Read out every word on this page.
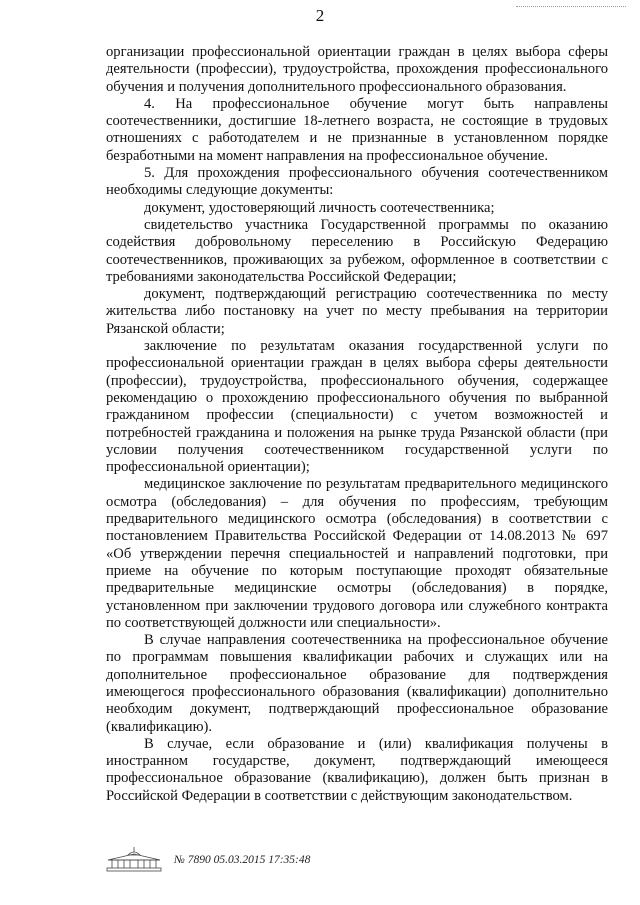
2

организации профессиональной ориентации граждан в целях выбора сферы деятельности (профессии), трудоустройства, прохождения профессионального обучения и получения дополнительного профессионального образования.

4. На профессиональное обучение могут быть направлены соотечественники, достигшие 18-летнего возраста, не состоящие в трудовых отношениях с работодателем и не признанные в установленном порядке безработными на момент направления на профессиональное обучение.

5. Для прохождения профессионального обучения соотечественником необходимы следующие документы:

документ, удостоверяющий личность соотечественника;

свидетельство участника Государственной программы по оказанию содействия добровольному переселению в Российскую Федерацию соотечественников, проживающих за рубежом, оформленное в соответствии с требованиями законодательства Российской Федерации;

документ, подтверждающий регистрацию соотечественника по месту жительства либо постановку на учет по месту пребывания на территории Рязанской области;

заключение по результатам оказания государственной услуги по профессиональной ориентации граждан в целях выбора сферы деятельности (профессии), трудоустройства, профессионального обучения, содержащее рекомендацию о прохождению профессионального обучения по выбранной гражданином профессии (специальности) с учетом возможностей и потребностей гражданина и положения на рынке труда Рязанской области (при условии получения соотечественником государственной услуги по профессиональной ориентации);

медицинское заключение по результатам предварительного медицинского осмотра (обследования) – для обучения по профессиям, требующим предварительного медицинского осмотра (обследования) в соответствии с постановлением Правительства Российской Федерации от 14.08.2013 № 697 «Об утверждении перечня специальностей и направлений подготовки, при приеме на обучение по которым поступающие проходят обязательные предварительные медицинские осмотры (обследования) в порядке, установленном при заключении трудового договора или служебного контракта по соответствующей должности или специальности».

В случае направления соотечественника на профессиональное обучение по программам повышения квалификации рабочих и служащих или на дополнительное профессиональное образование для подтверждения имеющегося профессионального образования (квалификации) дополнительно необходим документ, подтверждающий профессиональное образование (квалификацию).

В случае, если образование и (или) квалификация получены в иностранном государстве, документ, подтверждающий имеющееся профессиональное образование (квалификацию), должен быть признан в Российской Федерации в соответствии с действующим законодательством.

№ 7890 05.03.2015 17:35:48
